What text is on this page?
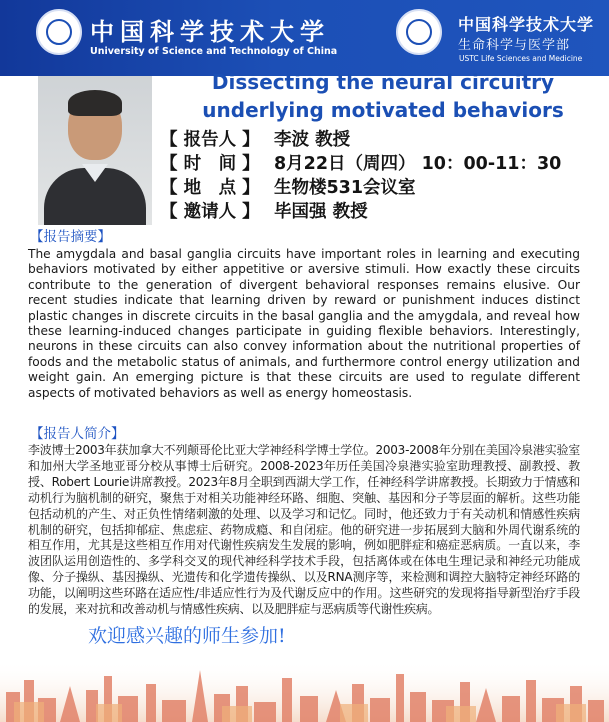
中国科学技术大学
University of Science and Technology of China
中国科学技术大学
生命科学与医学部
USTC Life Sciences and Medicine
Dissecting the neural circuitry
underlying motivated behaviors
【 报告人 】 李波 教授
【 时　间 】 8月22日（周四） 10：00-11：30
【 地　点 】 生物楼531会议室
【 邀请人 】 毕国强 教授
【报告摘要】

The amygdala and basal ganglia circuits have important roles in learning and executing behaviors motivated by either appetitive or aversive stimuli. How exactly these circuits contribute to the generation of divergent behavioral responses remains elusive. Our recent studies indicate that learning driven by reward or punishment induces distinct plastic changes in discrete circuits in the basal ganglia and the amygdala, and reveal how these learning-induced changes participate in guiding flexible behaviors. Interestingly, neurons in these circuits can also convey information about the nutritional properties of foods and the metabolic status of animals, and furthermore control energy utilization and weight gain. An emerging picture is that these circuits are used to regulate different aspects of motivated behaviors as well as energy homeostasis.

【报告人简介】

李波博士2003年获加拿大不列颠哥伦比亚大学神经科学博士学位。2003-2008年分别在美国冷泉港实验室和加州大学圣地亚哥分校从事博士后研究。2008-2023年历任美国冷泉港实验室助理教授、副教授、教授、Robert Lourie讲席教授。2023年8月全职到西湖大学工作，任神经科学讲席教授。长期致力于情感和动机行为脑机制的研究，聚焦于对相关功能神经环路、细胞、突触、基因和分子等层面的解析。这些功能包括动机的产生、对正负性情绪刺激的处理、以及学习和记忆。同时，他还致力于有关动机和情感性疾病机制的研究，包括抑郁症、焦虑症、药物成瘾、和自闭症。他的研究进一步拓展到大脑和外周代谢系统的相互作用，尤其是这些相互作用对代谢性疾病发生发展的影响，例如肥胖症和癌症恶病质。一直以来，李波团队运用创造性的、多学科交叉的现代神经科学技术手段，包括离体或在体电生理记录和神经元功能成像、分子操纵、基因操纵、光遗传和化学遗传操纵、以及RNA测序等，来检测和调控大脑特定神经环路的功能，以阐明这些环路在适应性/非适应性行为及代谢反应中的作用。这些研究的发现将指导新型治疗手段的发展，来对抗和改善动机与情感性疾病、以及肥胖症与恶病质等代谢性疾病。

欢迎感兴趣的师生参加!
